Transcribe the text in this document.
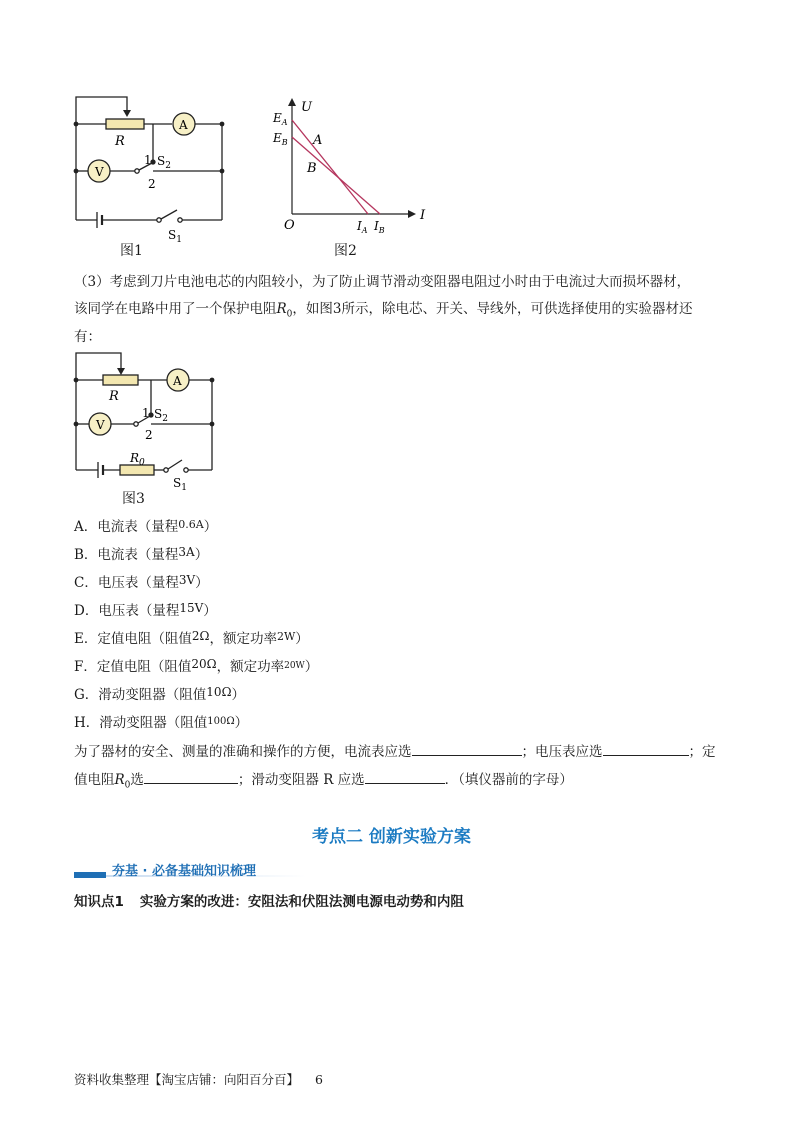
R
A
V
1
2
$S_2$
$S_1$
图1
U
I
O
$E_A$
$E_B$ A
B
$I_A$ $I_B$
图2
（3）考虑到刀片电池电芯的内阻较小，为了防止调节滑动变阻器电阻过小时由于电流过大而损坏器材，
该同学在电路中用了一个保护电阻$R_0$，如图3所示，除电芯、开关、导线外，可供选择使用的实验器材还
有：
R
A
V
1
2
$S_2$
$R_0$
$S_1$
图3
A．电流表（量程$^{0.6A}$）
B．电流表（量程3A）
C．电压表（量程3V）
D．电压表（量程15V）
E．定值电阻（阻值2Ω，额定功率$^{2W}$）
F．定值电阻（阻值20Ω，额定功率$^{20W}$）
G．滑动变阻器（阻值10Ω）
H．滑动变阻器（阻值$^{100\Omega}$）
为了器材的安全、测量的准确和操作的方便，电流表应选	；电压表应选	；定
值电阻$R_0$选	；滑动变阻器 R 应选	．（填仪器前的字母）
考点二 创新实验方案
夯基 · 必备基础知识梳理
知识点1 实验方案的改进：安阻法和伏阻法测电源电动势和内阻
资料收集整理【淘宝店铺：向阳百分百】 6
